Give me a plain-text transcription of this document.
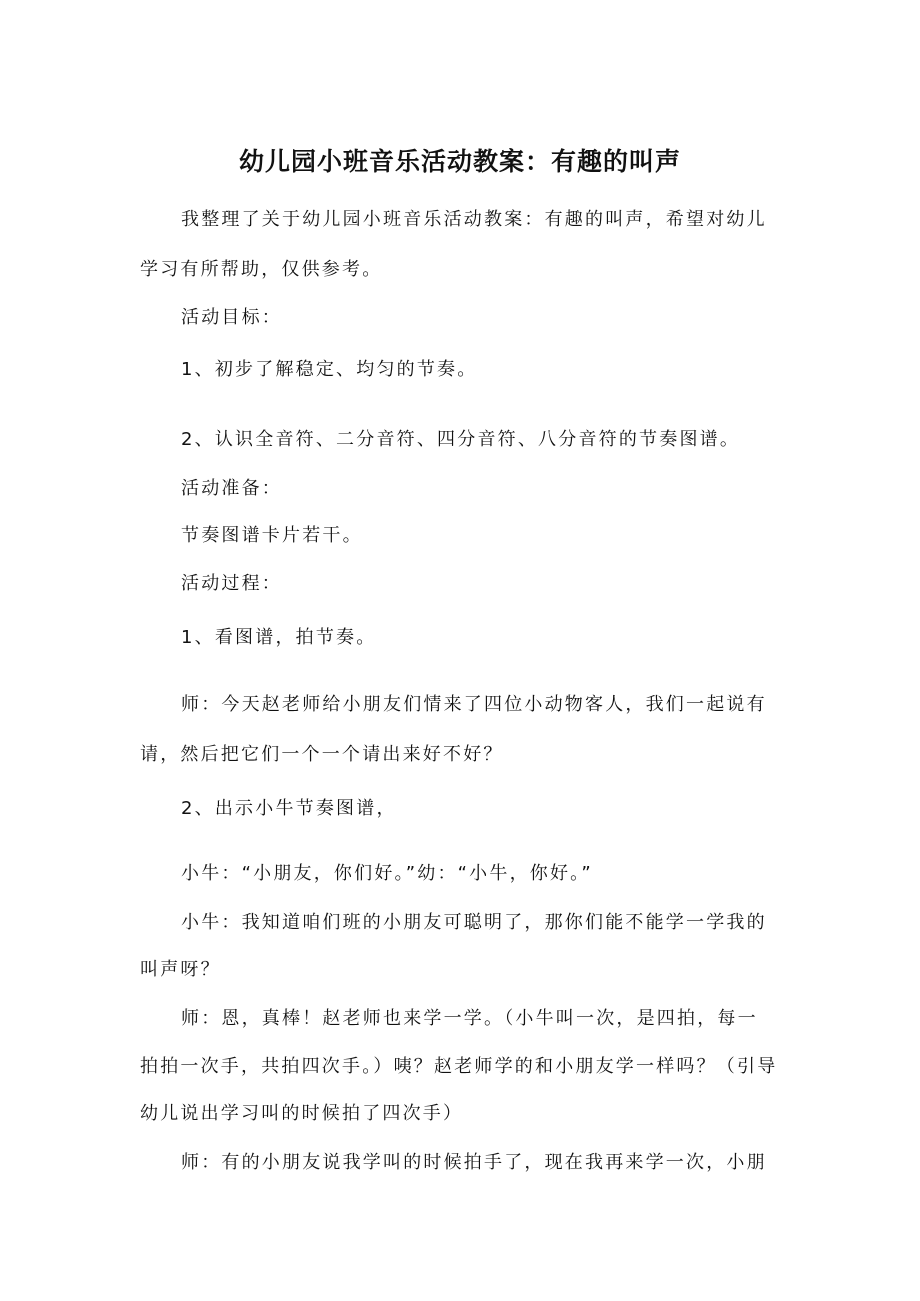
幼儿园小班音乐活动教案：有趣的叫声
我整理了关于幼儿园小班音乐活动教案：有趣的叫声，希望对幼儿
学习有所帮助，仅供参考。
活动目标：
1、初步了解稳定、均匀的节奏。
2、认识全音符、二分音符、四分音符、八分音符的节奏图谱。
活动准备：
节奏图谱卡片若干。
活动过程：
1、看图谱，拍节奏。
师：今天赵老师给小朋友们情来了四位小动物客人，我们一起说有
请，然后把它们一个一个请出来好不好？
2、出示小牛节奏图谱，
小牛：“小朋友，你们好。”幼：“小牛，你好。”
小牛：我知道咱们班的小朋友可聪明了，那你们能不能学一学我的
叫声呀？
师：恩，真棒！赵老师也来学一学。（小牛叫一次，是四拍，每一
拍拍一次手，共拍四次手。）咦？赵老师学的和小朋友学一样吗？（引导
幼儿说出学习叫的时候拍了四次手）
师：有的小朋友说我学叫的时候拍手了，现在我再来学一次，小朋
